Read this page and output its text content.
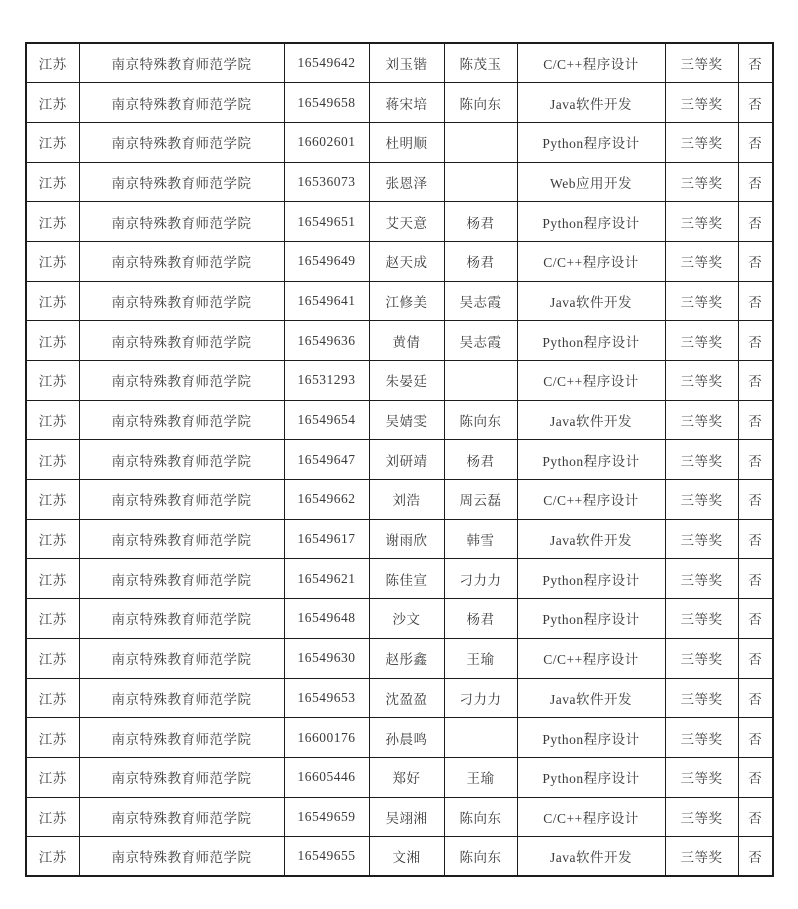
江苏	南京特殊教育师范学院	16549642	刘玉锴	陈茂玉	C/C++程序设计	三等奖	否
江苏	南京特殊教育师范学院	16549658	蒋宋培	陈向东	Java软件开发	三等奖	否
江苏	南京特殊教育师范学院	16602601	杜明顺		Python程序设计	三等奖	否
江苏	南京特殊教育师范学院	16536073	张恩泽		Web应用开发	三等奖	否
江苏	南京特殊教育师范学院	16549651	艾天意	杨君	Python程序设计	三等奖	否
江苏	南京特殊教育师范学院	16549649	赵天成	杨君	C/C++程序设计	三等奖	否
江苏	南京特殊教育师范学院	16549641	江修美	吴志霞	Java软件开发	三等奖	否
江苏	南京特殊教育师范学院	16549636	黄倩	吴志霞	Python程序设计	三等奖	否
江苏	南京特殊教育师范学院	16531293	朱晏廷		C/C++程序设计	三等奖	否
江苏	南京特殊教育师范学院	16549654	吴婧雯	陈向东	Java软件开发	三等奖	否
江苏	南京特殊教育师范学院	16549647	刘研靖	杨君	Python程序设计	三等奖	否
江苏	南京特殊教育师范学院	16549662	刘浩	周云磊	C/C++程序设计	三等奖	否
江苏	南京特殊教育师范学院	16549617	谢雨欣	韩雪	Java软件开发	三等奖	否
江苏	南京特殊教育师范学院	16549621	陈佳宣	刁力力	Python程序设计	三等奖	否
江苏	南京特殊教育师范学院	16549648	沙文	杨君	Python程序设计	三等奖	否
江苏	南京特殊教育师范学院	16549630	赵彤鑫	王瑜	C/C++程序设计	三等奖	否
江苏	南京特殊教育师范学院	16549653	沈盈盈	刁力力	Java软件开发	三等奖	否
江苏	南京特殊教育师范学院	16600176	孙晨鸣		Python程序设计	三等奖	否
江苏	南京特殊教育师范学院	16605446	郑好	王瑜	Python程序设计	三等奖	否
江苏	南京特殊教育师范学院	16549659	吴翊湘	陈向东	C/C++程序设计	三等奖	否
江苏	南京特殊教育师范学院	16549655	文湘	陈向东	Java软件开发	三等奖	否
